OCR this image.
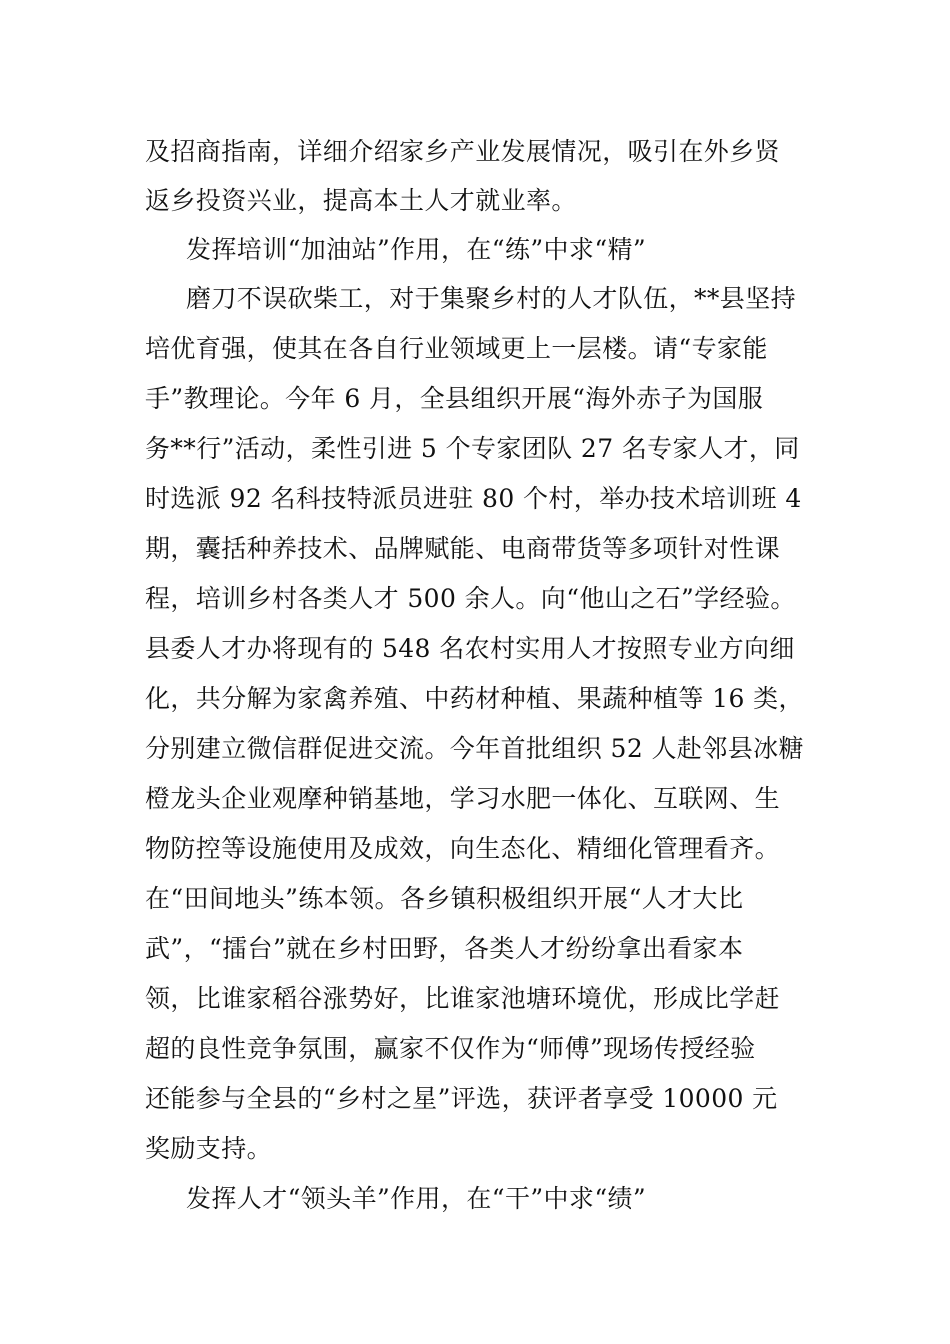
及招商指南，详细介绍家乡产业发展情况，吸引在外乡贤
返乡投资兴业，提高本土人才就业率。
发挥培训“加油站”作用，在“练”中求“精”
磨刀不误砍柴工，对于集聚乡村的人才队伍，**县坚持
培优育强，使其在各自行业领域更上一层楼。请“专家能
手”教理论。今年 6 月，全县组织开展“海外赤子为国服
务**行”活动，柔性引进 5 个专家团队 27 名专家人才，同
时选派 92 名科技特派员进驻 80 个村，举办技术培训班 4
期，囊括种养技术、品牌赋能、电商带货等多项针对性课
程，培训乡村各类人才 500 余人。向“他山之石”学经验。
县委人才办将现有的 548 名农村实用人才按照专业方向细
化，共分解为家禽养殖、中药材种植、果蔬种植等 16 类，
分别建立微信群促进交流。今年首批组织 52 人赴邻县冰糖
橙龙头企业观摩种销基地，学习水肥一体化、互联网、生
物防控等设施使用及成效，向生态化、精细化管理看齐。
在“田间地头”练本领。各乡镇积极组织开展“人才大比
武”，“擂台”就在乡村田野，各类人才纷纷拿出看家本
领，比谁家稻谷涨势好，比谁家池塘环境优，形成比学赶
超的良性竞争氛围，赢家不仅作为“师傅”现场传授经验
还能参与全县的“乡村之星”评选，获评者享受 10000 元
奖励支持。
发挥人才“领头羊”作用，在“干”中求“绩”
